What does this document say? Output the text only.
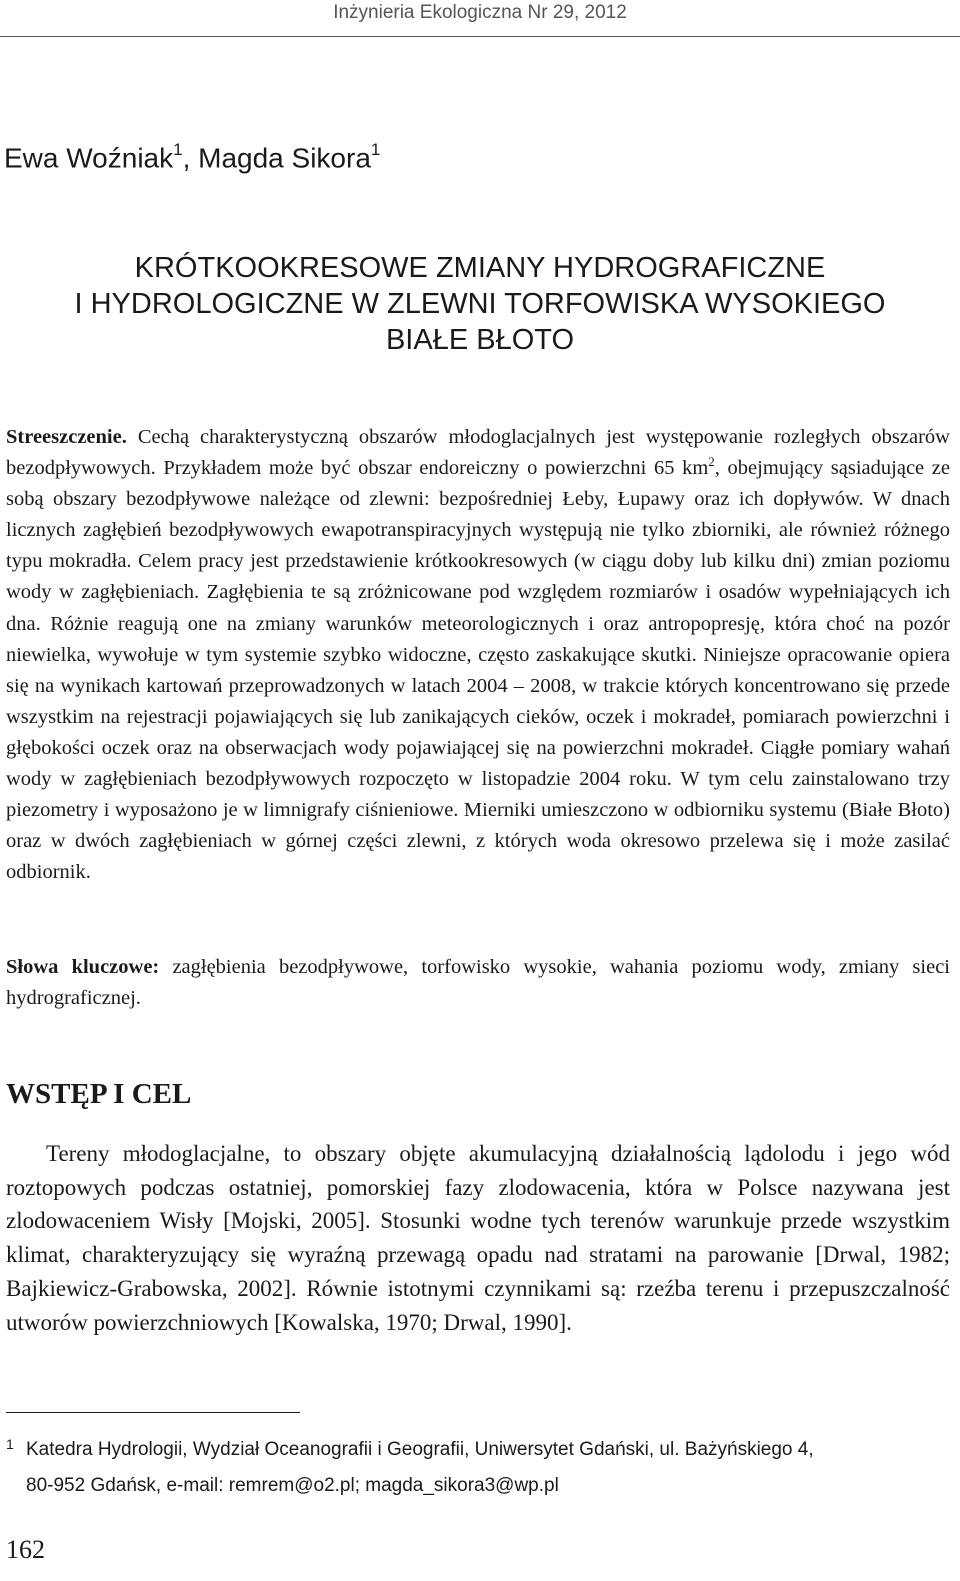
Inżynieria Ekologiczna Nr 29, 2012
Ewa Woźniak$^1$, Magda Sikora$^1$
KRÓTKOOKRESOWE ZMIANY HYDROGRAFICZNE
I HYDROLOGICZNE W ZLEWNI TORFOWISKA WYSOKIEGO
BIAŁE BŁOTO
Streeszczenie. Cechą charakterystyczną obszarów młodoglacjalnych jest występowanie rozległych obszarów bezodpływowych. Przykładem może być obszar endoreiczny o powierzchni 65 $km^2$, obejmujący sąsiadujące ze sobą obszary bezodpływowe należące od zlewni: bezpośredniej Łeby, Łupawy oraz ich dopływów. W dnach licznych zagłębień bezodpływowych ewapotranspiracyjnych występują nie tylko zbiorniki, ale również różnego typu mokradła. Celem pracy jest przedstawienie krótkookresowych (w ciągu doby lub kilku dni) zmian poziomu wody w zagłębieniach. Zagłębienia te są zróżnicowane pod względem rozmiarów i osadów wypełniających ich dna. Różnie reagują one na zmiany warunków meteorologicznych i oraz antropopresję, która choć na pozór niewielka, wywołuje w tym systemie szybko widoczne, często zaskakujące skutki. Niniejsze opracowanie opiera się na wynikach kartowań przeprowadzonych w latach 2004 – 2008, w trakcie których koncentrowano się przede wszystkim na rejestracji pojawiających się lub zanikających cieków, oczek i mokradeł, pomiarach powierzchni i głębokości oczek oraz na obserwacjach wody pojawiającej się na powierzchni mokradeł. Ciągłe pomiary wahań wody w zagłębieniach bezodpływowych rozpoczęto w listopadzie 2004 roku. W tym celu zainstalowano trzy piezometry i wyposażono je w limnigrafy ciśnieniowe. Mierniki umieszczono w odbiorniku systemu (Białe Błoto) oraz w dwóch zagłębieniach w górnej części zlewni, z których woda okresowo przelewa się i może zasilać odbiornik.
Słowa kluczowe: zagłębienia bezodpływowe, torfowisko wysokie, wahania poziomu wody, zmiany sieci hydrograficznej.
WSTĘP I CEL
Tereny młodoglacjalne, to obszary objęte akumulacyjną działalnością lądolodu i jego wód roztopowych podczas ostatniej, pomorskiej fazy zlodowacenia, która w Polsce nazywana jest zlodowaceniem Wisły [Mojski, 2005]. Stosunki wodne tych terenów warunkuje przede wszystkim klimat, charakteryzujący się wyraźną przewagą opadu nad stratami na parowanie [Drwal, 1982; Bajkiewicz-Grabowska, 2002]. Równie istotnymi czynnikami są: rzeźba terenu i przepuszczalność utworów powierzchniowych [Kowalska, 1970; Drwal, 1990].
1 Katedra Hydrologii, Wydział Oceanografii i Geografii, Uniwersytet Gdański, ul. Bażyńskiego 4,
80-952 Gdańsk, e-mail: remrem@o2.pl; magda_sikora3@wp.pl
162
